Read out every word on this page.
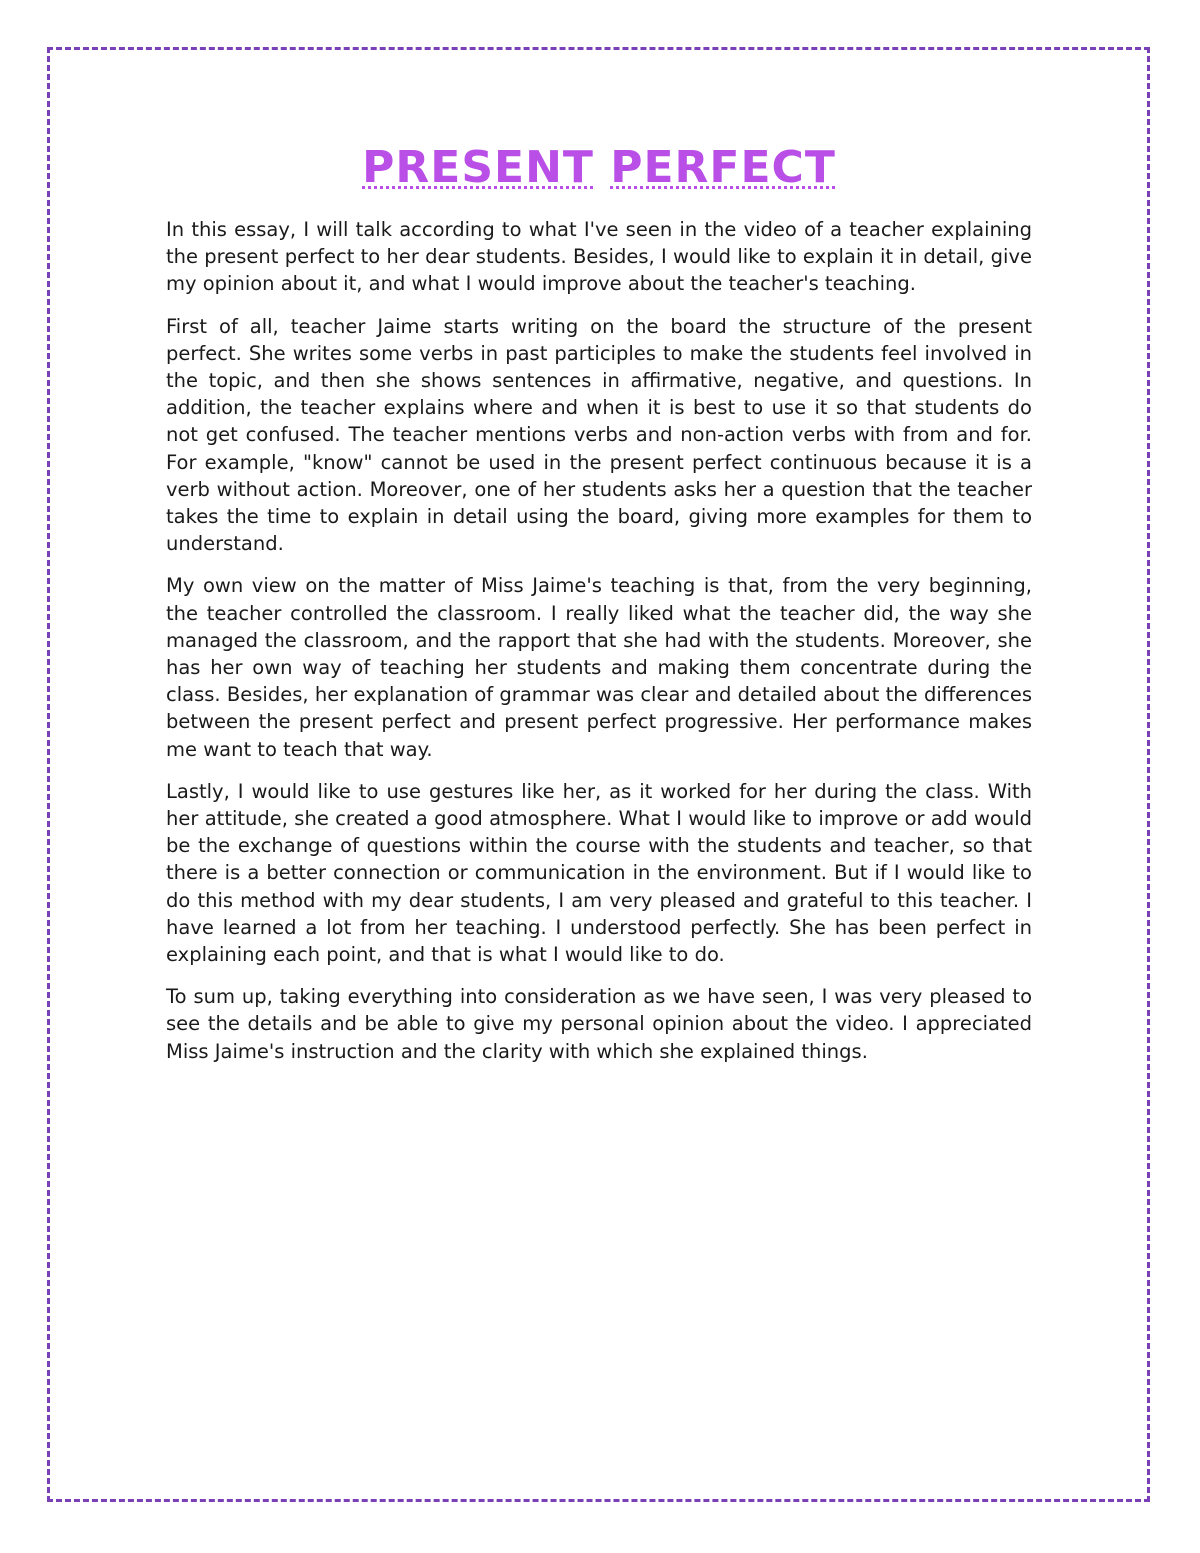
PRESENT PERFECT

In this essay, I will talk according to what I've seen in the video of a teacher explaining the present perfect to her dear students. Besides, I would like to explain it in detail, give my opinion about it, and what I would improve about the teacher's teaching.

First of all, teacher Jaime starts writing on the board the structure of the present perfect. She writes some verbs in past participles to make the students feel involved in the topic, and then she shows sentences in affirmative, negative, and questions. In addition, the teacher explains where and when it is best to use it so that students do not get confused. The teacher mentions verbs and non-action verbs with from and for. For example, "know" cannot be used in the present perfect continuous because it is a verb without action. Moreover, one of her students asks her a question that the teacher takes the time to explain in detail using the board, giving more examples for them to understand.

My own view on the matter of Miss Jaime's teaching is that, from the very beginning, the teacher controlled the classroom. I really liked what the teacher did, the way she managed the classroom, and the rapport that she had with the students. Moreover, she has her own way of teaching her students and making them concentrate during the class. Besides, her explanation of grammar was clear and detailed about the differences between the present perfect and present perfect progressive. Her performance makes me want to teach that way.

Lastly, I would like to use gestures like her, as it worked for her during the class. With her attitude, she created a good atmosphere. What I would like to improve or add would be the exchange of questions within the course with the students and teacher, so that there is a better connection or communication in the environment. But if I would like to do this method with my dear students, I am very pleased and grateful to this teacher. I have learned a lot from her teaching. I understood perfectly. She has been perfect in explaining each point, and that is what I would like to do.

To sum up, taking everything into consideration as we have seen, I was very pleased to see the details and be able to give my personal opinion about the video. I appreciated Miss Jaime's instruction and the clarity with which she explained things.
